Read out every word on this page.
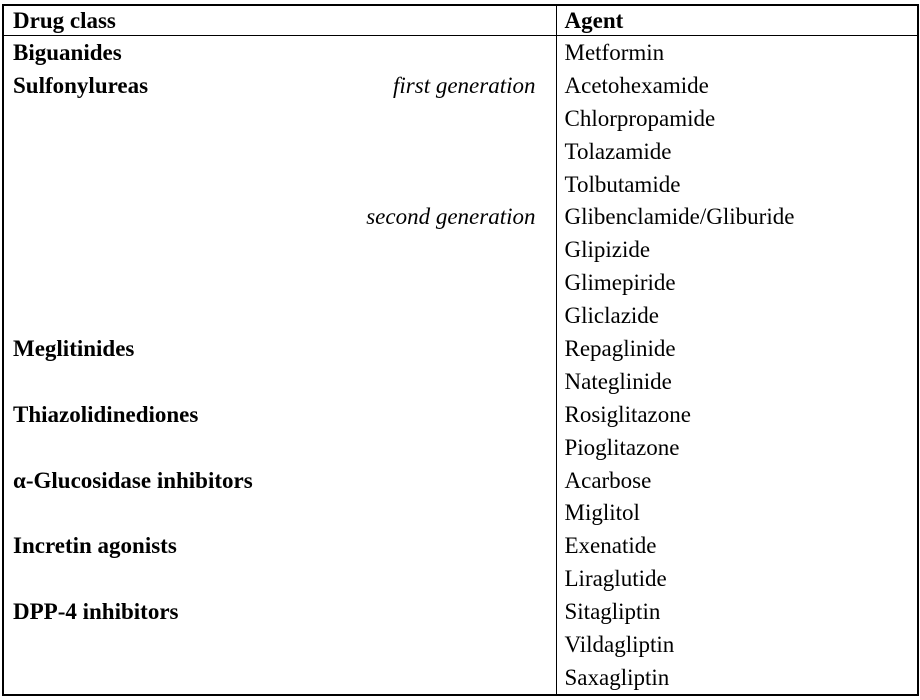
Drug class	Agent

Biguanides	Metformin

Sulfonylureas first generation	Acetohexamide
	Chlorpropamide
	Tolazamide
	Tolbutamide

second generation	Glibenclamide/Gliburide
	Glipizide
	Glimepiride
	Gliclazide

Meglitinides	Repaglinide
	Nateglinide

Thiazolidinediones	Rosiglitazone
	Pioglitazone

α-Glucosidase inhibitors	Acarbose
	Miglitol

Incretin agonists	Exenatide
	Liraglutide

DPP-4 inhibitors	Sitagliptin
	Vildagliptin
	Saxagliptin
